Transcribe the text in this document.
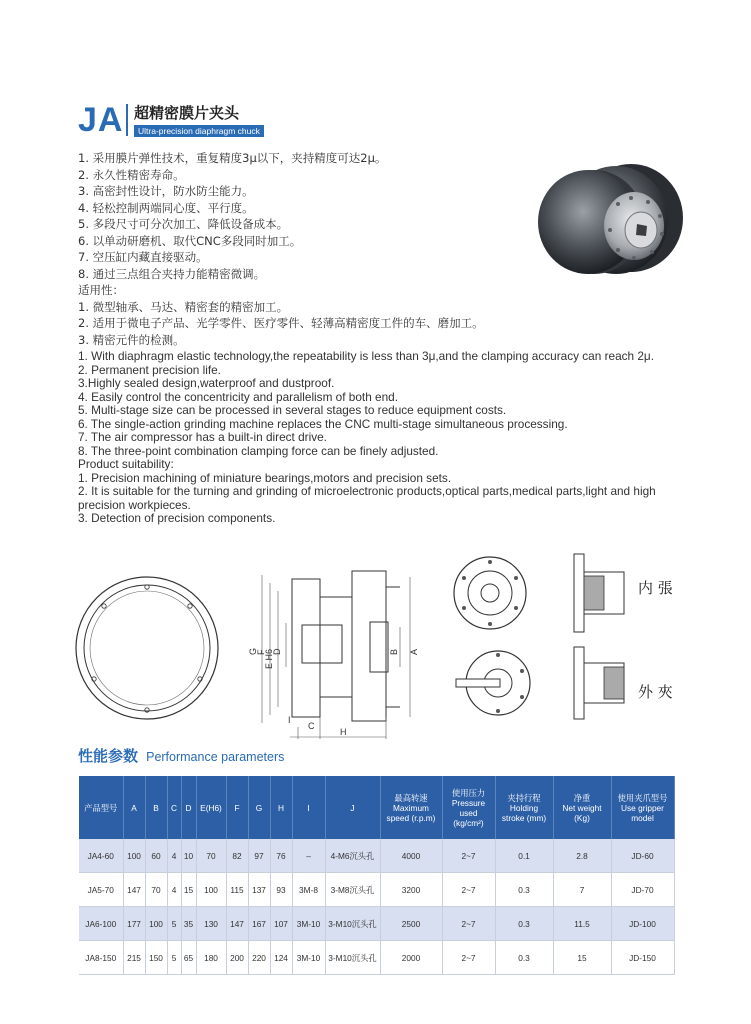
JA 超精密膜片夹头
Ultra-precision diaphragm chuck
1. 采用膜片弹性技术，重复精度3μ以下，夹持精度可达2μ。
2. 永久性精密寿命。
3. 高密封性设计，防水防尘能力。
4. 轻松控制两端同心度、平行度。
5. 多段尺寸可分次加工、降低设备成本。
6. 以单动研磨机、取代CNC多段同时加工。
7. 空压缸内藏直接驱动。
8. 通过三点组合夹持力能精密微调。
适用性：
1. 微型轴承、马达、精密套的精密加工。
2. 适用于微电子产品、光学零件、医疗零件、轻薄高精密度工件的车、磨加工。
3. 精密元件的检测。
1. With diaphragm elastic technology,the repeatability is less than 3μ,and the clamping accuracy can reach 2μ.
2. Permanent precision life.
3.Highly sealed design,waterproof and dustproof.
4. Easily control the concentricity and parallelism of both end.
5. Multi-stage size can be processed in several stages to reduce equipment costs.
6. The single-action grinding machine replaces the CNC multi-stage simultaneous processing.
7. The air compressor has a built-in direct drive.
8. The three-point combination clamping force can be finely adjusted.
Product suitability:
1. Precision machining of miniature bearings,motors and precision sets.
2. It is suitable for the turning and grinding of microelectronic products,optical parts,medical parts,light and high precision workpieces.
3. Detection of precision components.
G
F
E H6
D	B A
I
C
H
内 張
外 夾
性能参数 Performance parameters
产品型号	A	B	C	D	E(H6)	F	G	H	I	J	最高转速
Maximum
speed (r.p.m)	使用压力
Pressure
used
(kg/cm²)	夹持行程
Holding
stroke (mm)	净重
Net weight
(Kg)	使用夹爪型号
Use gripper
model
JA4-60	100	60	4	10	70	82	97	76	–	4-M6沉头孔	4000	2~7	0.1	2.8	JD-60
JA5-70	147	70	4	15	100	115	137	93	3M-8	3-M8沉头孔	3200	2~7	0.3	7	JD-70
JA6-100	177	100	5	35	130	147	167	107	3M-10	3-M10沉头孔	2500	2~7	0.3	11.5	JD-100
JA8-150	215	150	5	65	180	200	220	124	3M-10	3-M10沉头孔	2000	2~7	0.3	15	JD-150
